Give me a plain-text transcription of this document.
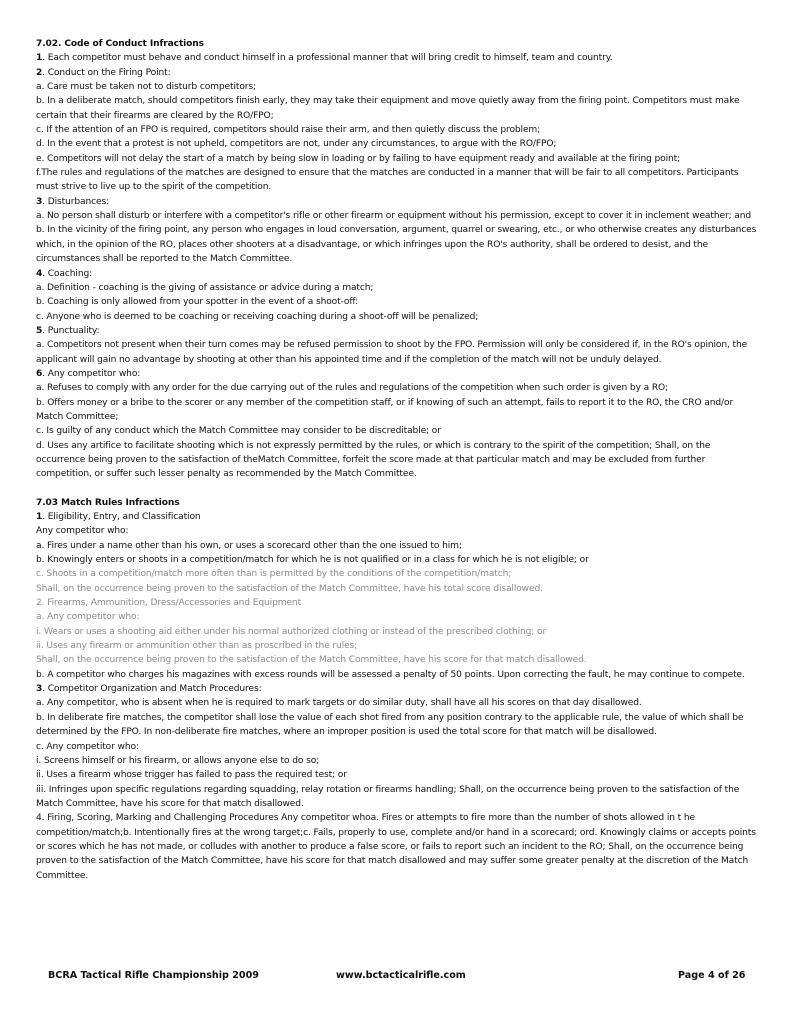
7.02. Code of Conduct Infractions

1. Each competitor must behave and conduct himself in a professional manner that will bring credit to himself, team and country.

2. Conduct on the Firing Point:

a. Care must be taken not to disturb competitors;

b. In a deliberate match, should competitors finish early, they may take their equipment and move quietly away from the firing point. Competitors must make certain that their firearms are cleared by the RO/FPO;

c. If the attention of an FPO is required, competitors should raise their arm, and then quietly discuss the problem;

d. In the event that a protest is not upheld, competitors are not, under any circumstances, to argue with the RO/FPO;

e. Competitors will not delay the start of a match by being slow in loading or by failing to have equipment ready and available at the firing point;

f.The rules and regulations of the matches are designed to ensure that the matches are conducted in a manner that will be fair to all competitors. Participants must strive to live up to the spirit of the competition.

3. Disturbances:

a. No person shall disturb or interfere with a competitor's rifle or other firearm or equipment without his permission, except to cover it in inclement weather; and

b. In the vicinity of the firing point, any person who engages in loud conversation, argument, quarrel or swearing, etc., or who otherwise creates any disturbances which, in the opinion of the RO, places other shooters at a disadvantage, or which infringes upon the RO's authority, shall be ordered to desist, and the circumstances shall be reported to the Match Committee.

4. Coaching:

a. Definition - coaching is the giving of assistance or advice during a match;

b. Coaching is only allowed from your spotter in the event of a shoot-off:

c. Anyone who is deemed to be coaching or receiving coaching during a shoot-off will be penalized;

5. Punctuality:

a. Competitors not present when their turn comes may be refused permission to shoot by the FPO. Permission will only be considered if, in the RO's opinion, the applicant will gain no advantage by shooting at other than his appointed time and if the completion of the match will not be unduly delayed.

6. Any competitor who:

a. Refuses to comply with any order for the due carrying out of the rules and regulations of the competition when such order is given by a RO;

b. Offers money or a bribe to the scorer or any member of the competition staff, or if knowing of such an attempt, fails to report it to the RO, the CRO and/or Match Committee;

c. Is guilty of any conduct which the Match Committee may consider to be discreditable; or

d. Uses any artifice to facilitate shooting which is not expressly permitted by the rules, or which is contrary to the spirit of the competition; Shall, on the occurrence being proven to the satisfaction of theMatch Committee, forfeit the score made at that particular match and may be excluded from further competition, or suffer such lesser penalty as recommended by the Match Committee.

7.03 Match Rules Infractions

1. Eligibility, Entry, and Classification

Any competitor who:

a. Fires under a name other than his own, or uses a scorecard other than the one issued to him;

b. Knowingly enters or shoots in a competition/match for which he is not qualified or in a class for which he is not eligible; or

c. Shoots in a competition/match more often than is permitted by the conditions of the competition/match;

Shall, on the occurrence being proven to the satisfaction of the Match Committee, have his total score disallowed.

2. Firearms, Ammunition, Dress/Accessories and Equipment

a. Any competitor who:

i. Wears or uses a shooting aid either under his normal authorized clothing or instead of the prescribed clothing; or

ii. Uses any firearm or ammunition other than as proscribed in the rules;

Shall, on the occurrence being proven to the satisfaction of the Match Committee, have his score for that match disallowed.

b. A competitor who charges his magazines with excess rounds will be assessed a penalty of 50 points. Upon correcting the fault, he may continue to compete.

3. Competitor Organization and Match Procedures:

a. Any competitor, who is absent when he is required to mark targets or do similar duty, shall have all his scores on that day disallowed.

b. In deliberate fire matches, the competitor shall lose the value of each shot fired from any position contrary to the applicable rule, the value of which shall be determined by the FPO. In non-deliberate fire matches, where an improper position is used the total score for that match will be disallowed.

c. Any competitor who:

i. Screens himself or his firearm, or allows anyone else to do so;

ii. Uses a firearm whose trigger has failed to pass the required test; or

iii. Infringes upon specific regulations regarding squadding, relay rotation or firearms handling; Shall, on the occurrence being proven to the satisfaction of the Match Committee, have his score for that match disallowed.

4. Firing, Scoring, Marking and Challenging Procedures Any competitor whoa. Fires or attempts to fire more than the number of shots allowed in t he competition/match;b. Intentionally fires at the wrong target;c. Fails, properly to use, complete and/or hand in a scorecard; ord. Knowingly claims or accepts points or scores which he has not made, or colludes with another to produce a false score, or fails to report such an incident to the RO; Shall, on the occurrence being proven to the satisfaction of the Match Committee, have his score for that match disallowed and may suffer some greater penalty at the discretion of the Match Committee.

BCRA Tactical Rifle Championship 2009	www.bctacticalrifle.com	Page 4 of 26
